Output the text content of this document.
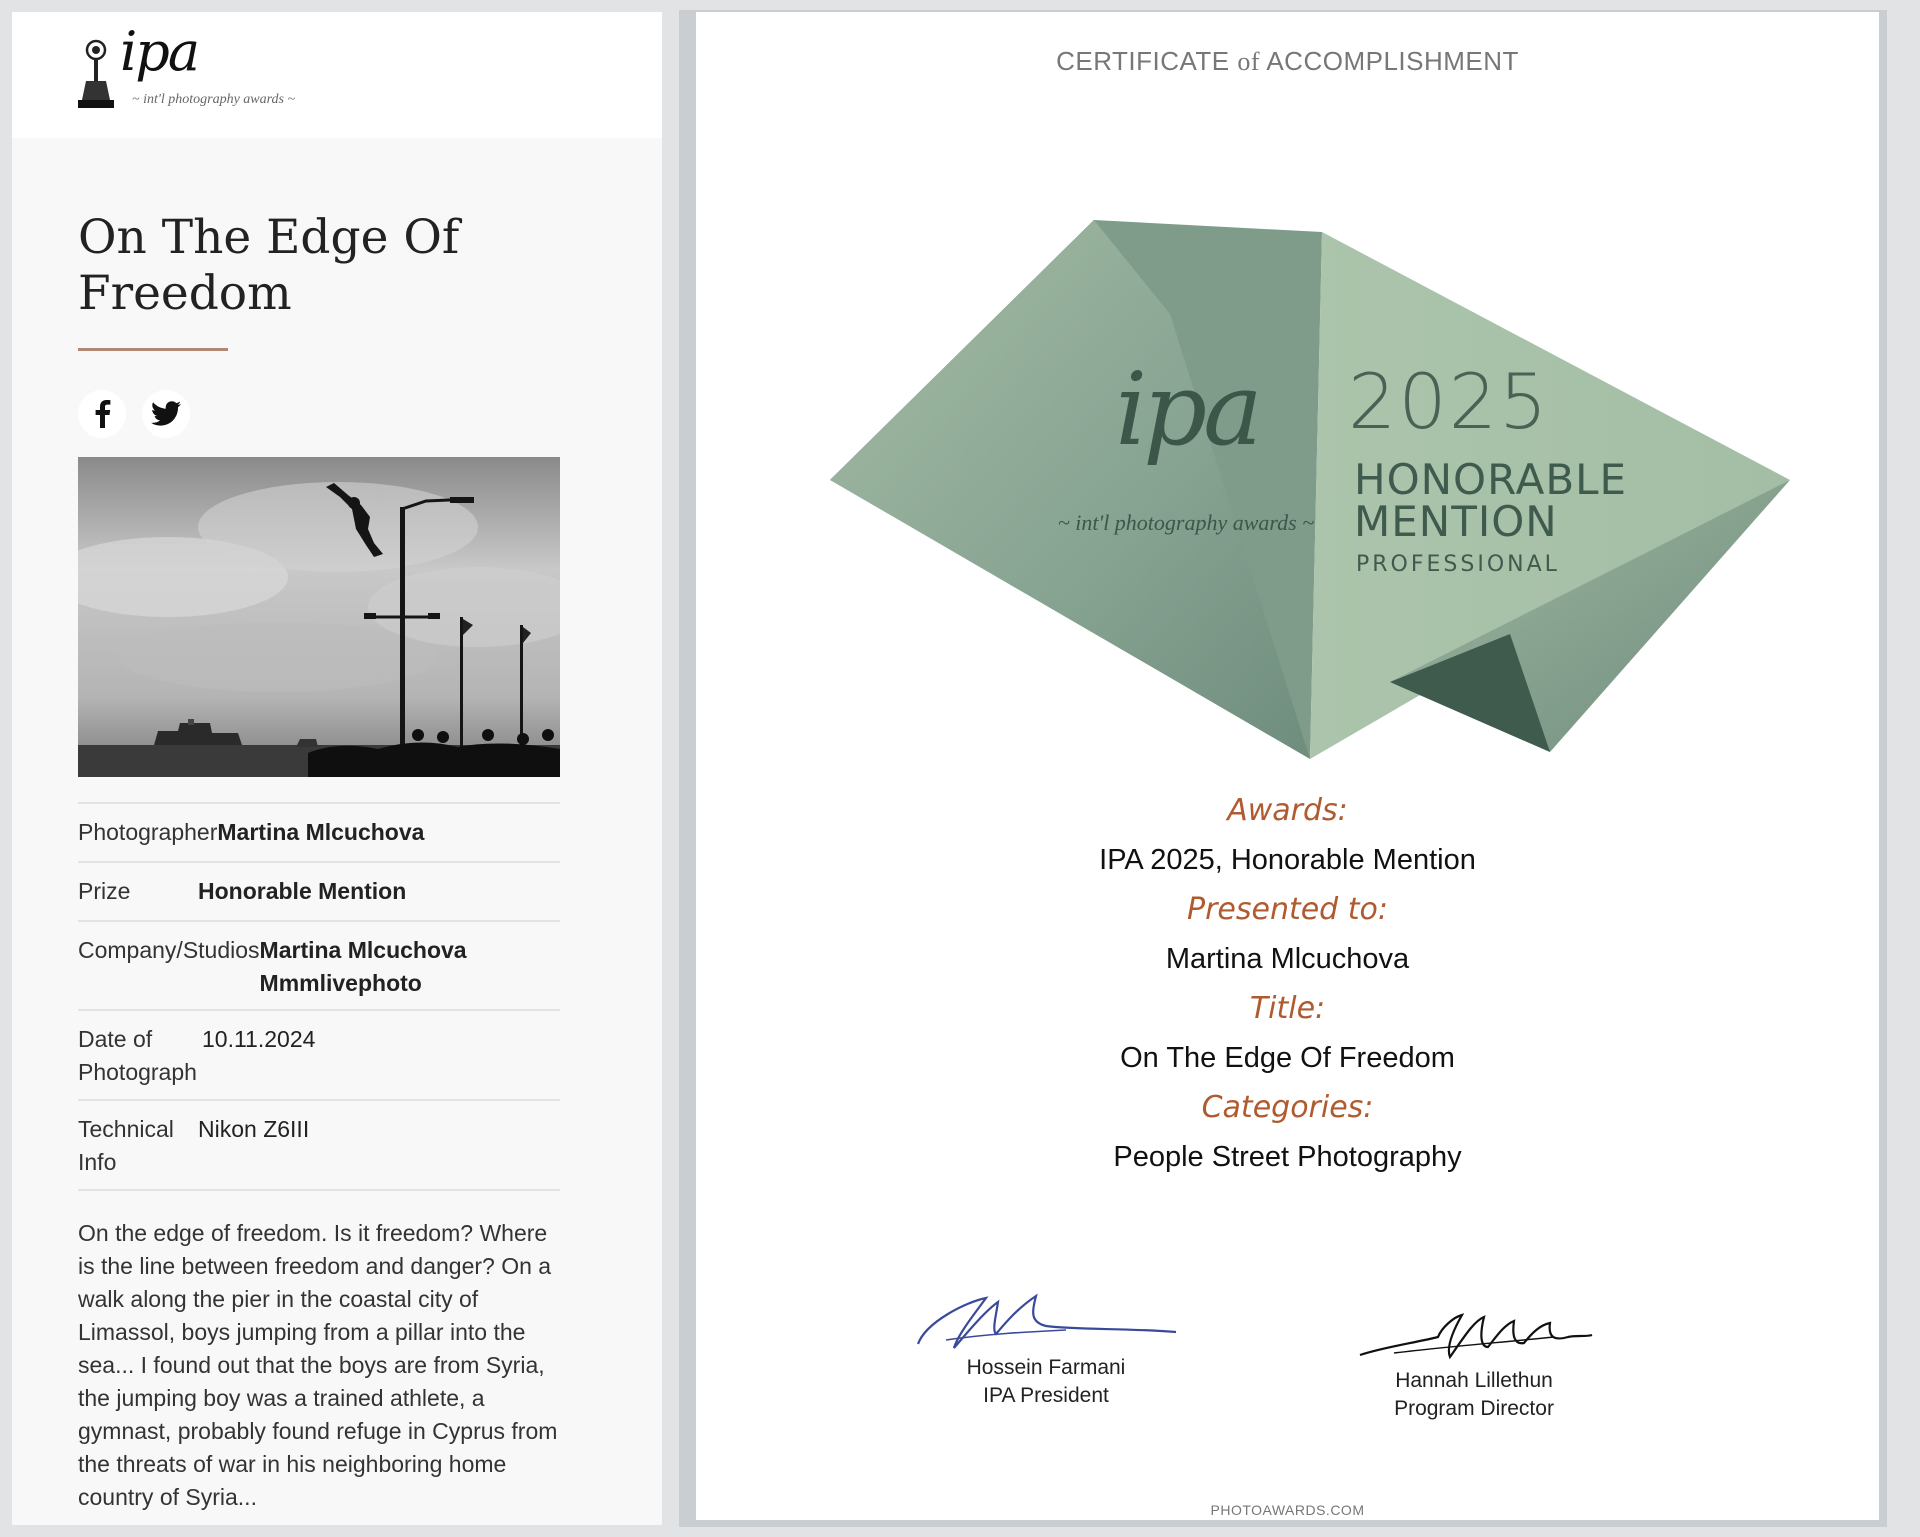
ipa
~ int'l photography awards ~
On The Edge Of Freedom
Photographer Martina Mlcuchova
Prize	Honorable Mention
Company/Studios Martina Mlcuchova Mmmlivephoto
Date of Photograph
10.11.2024
Technical Info
Nikon Z6III

On the edge of freedom. Is it freedom? Where is the line between freedom and danger? On a walk along the pier in the coastal city of Limassol, boys jumping from a pillar into the sea... I found out that the boys are from Syria, the jumping boy was a trained athlete, a gymnast, probably found refuge in Cyprus from the threats of war in his neighboring home country of Syria...

CERTIFICATE of ACCOMPLISHMENT
ipa
~ int'l photography awards ~
2025
HONORABLE
MENTION
PROFESSIONAL
Awards:
IPA 2025, Honorable Mention
Presented to:
Martina Mlcuchova
Title:
On The Edge Of Freedom
Categories:
People Street Photography
Hossein Farmani
IPA President
Hannah Lillethun
Program Director
PHOTOAWARDS.COM
